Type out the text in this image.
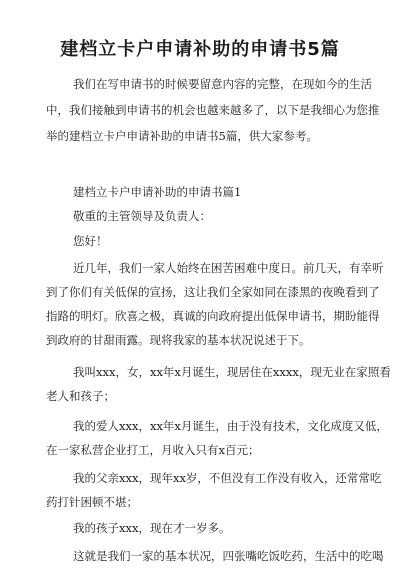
建档立卡户申请补助的申请书5篇
我们在写申请书的时候要留意内容的完整，在现如今的生活
中，我们接触到申请书的机会也越来越多了，以下是我细心为您推
举的建档立卡户申请补助的申请书5篇，供大家参考。
建档立卡户申请补助的申请书篇1
敬重的主管领导及负责人：
您好！
近几年，我们一家人始终在困苦困难中度日。前几天，有幸听
到了你们有关低保的宣扬，这让我们全家如同在漆黑的夜晚看到了
指路的明灯。欣喜之极，真诚的向政府提出低保申请书，期盼能得
到政府的甘甜雨露。现将我家的基本状况说述于下。
我叫xxx，女，xx年x月诞生，现居住在xxxx，现无业在家照看
老人和孩子；
我的爱人xxx，xx年x月诞生，由于没有技术，文化成度又低，
在一家私营企业打工，月收入只有x百元；
我的父亲xxx，现年xx岁，不但没有工作没有收入，还常常吃
药打针困顿不堪；
我的孩子xxx，现在才一岁多。
这就是我们一家的基本状况，四张嘴吃饭吃药，生活中的吃喝
